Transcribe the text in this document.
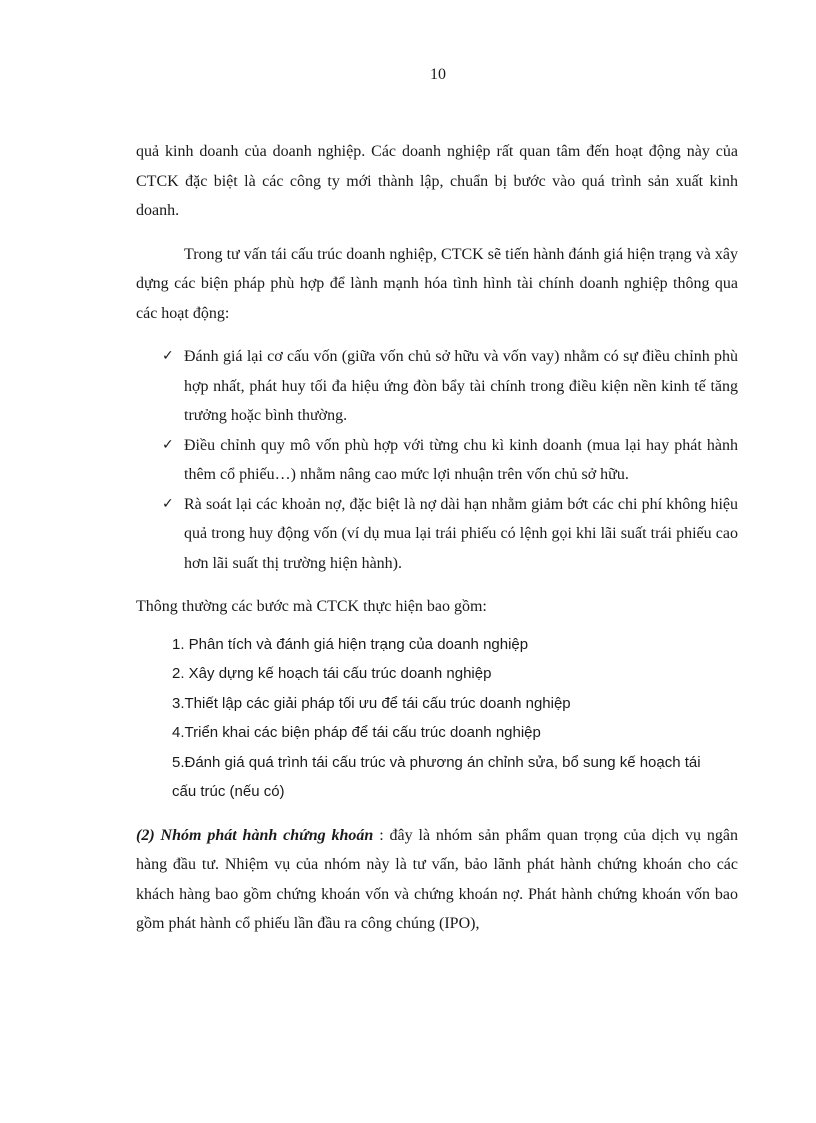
10

quả kinh doanh của doanh nghiệp. Các doanh nghiệp rất quan tâm đến hoạt động này của CTCK đặc biệt là các công ty mới thành lập, chuẩn bị bước vào quá trình sản xuất kinh doanh.

Trong tư vấn tái cấu trúc doanh nghiệp, CTCK sẽ tiến hành đánh giá hiện trạng và xây dựng các biện pháp phù hợp để lành mạnh hóa tình hình tài chính doanh nghiệp thông qua các hoạt động:

✓ Đánh giá lại cơ cấu vốn (giữa vốn chủ sở hữu và vốn vay) nhằm có sự điều chỉnh phù hợp nhất, phát huy tối đa hiệu ứng đòn bẩy tài chính trong điều kiện nền kinh tế tăng trưởng hoặc bình thường.
✓ Điều chỉnh quy mô vốn phù hợp với từng chu kì kinh doanh (mua lại hay phát hành thêm cổ phiếu…) nhằm nâng cao mức lợi nhuận trên vốn chủ sở hữu.
✓ Rà soát lại các khoản nợ, đặc biệt là nợ dài hạn nhằm giảm bớt các chi phí không hiệu quả trong huy động vốn (ví dụ mua lại trái phiếu có lệnh gọi khi lãi suất trái phiếu cao hơn lãi suất thị trường hiện hành).

Thông thường các bước mà CTCK thực hiện bao gồm:

1. Phân tích và đánh giá hiện trạng của doanh nghiệp
2. Xây dựng kế hoạch tái cấu trúc doanh nghiệp
3.Thiết lập các giải pháp tối ưu để tái cấu trúc doanh nghiệp
4.Triển khai các biện pháp để tái cấu trúc doanh nghiệp
5.Đánh giá quá trình tái cấu trúc và phương án chỉnh sửa, bổ sung kế hoạch tái cấu trúc (nếu có)

(2) Nhóm phát hành chứng khoán : đây là nhóm sản phẩm quan trọng của dịch vụ ngân hàng đầu tư. Nhiệm vụ của nhóm này là tư vấn, bảo lãnh phát hành chứng khoán cho các khách hàng bao gồm chứng khoán vốn và chứng khoán nợ. Phát hành chứng khoán vốn bao gồm phát hành cổ phiếu lần đầu ra công chúng (IPO),
